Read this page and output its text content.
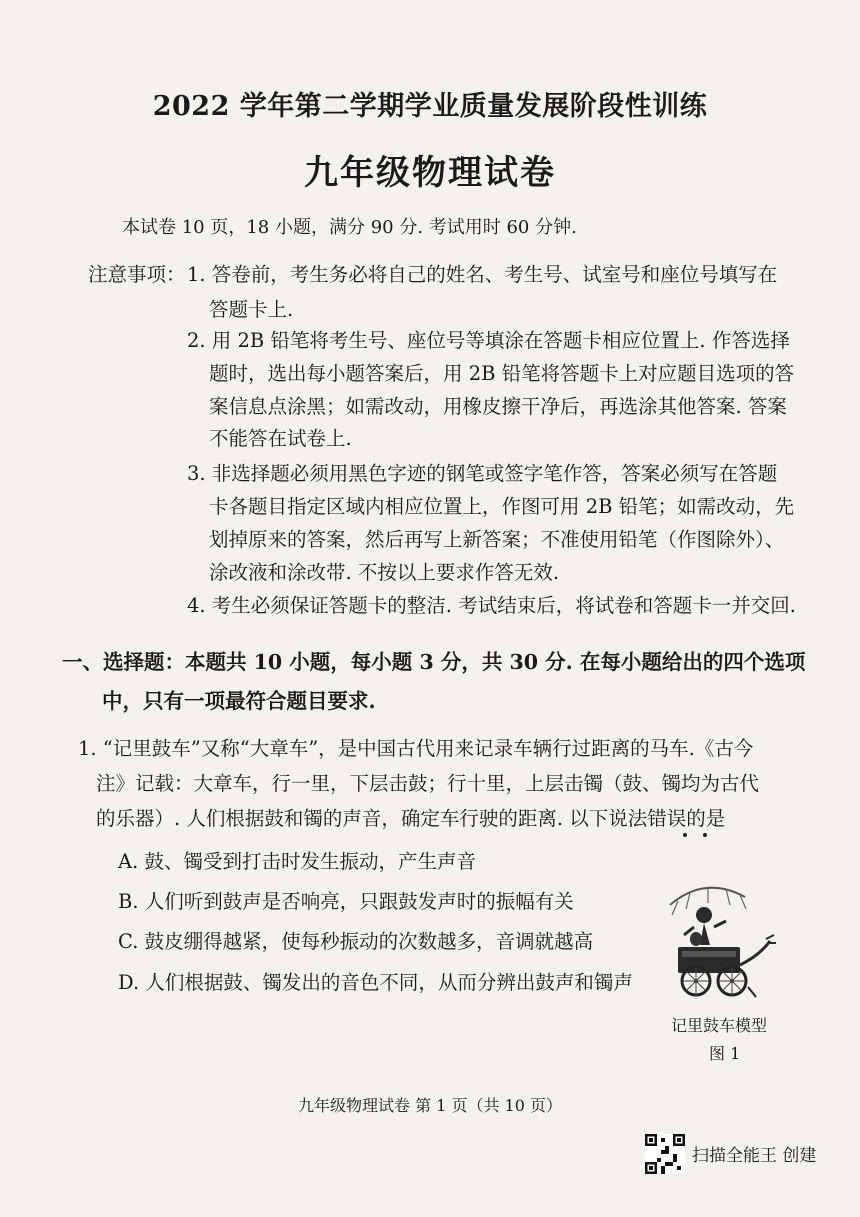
2022 学年第二学期学业质量发展阶段性训练
九年级物理试卷
本试卷 10 页，18 小题，满分 90 分. 考试用时 60 分钟.
注意事项： 1. 答卷前，考生务必将自己的姓名、考生号、试室号和座位号填写在
答题卡上.
2. 用 2B 铅笔将考生号、座位号等填涂在答题卡相应位置上. 作答选择
题时，选出每小题答案后，用 2B 铅笔将答题卡上对应题目选项的答
案信息点涂黑；如需改动，用橡皮擦干净后，再选涂其他答案. 答案
不能答在试卷上.
3. 非选择题必须用黑色字迹的钢笔或签字笔作答，答案必须写在答题
卡各题目指定区域内相应位置上，作图可用 2B 铅笔；如需改动，先
划掉原来的答案，然后再写上新答案；不准使用铅笔（作图除外）、
涂改液和涂改带. 不按以上要求作答无效.
4. 考生必须保证答题卡的整洁. 考试结束后，将试卷和答题卡一并交回.
一、选择题：本题共 10 小题，每小题 3 分，共 30 分. 在每小题给出的四个选项
中，只有一项最符合题目要求.
1. “记里鼓车”又称“大章车”，是中国古代用来记录车辆行过距离的马车.《古今
注》记载：大章车，行一里，下层击鼓；行十里，上层击镯（鼓、镯均为古代
的乐器）. 人们根据鼓和镯的声音，确定车行驶的距离. 以下说法错误的是
A. 鼓、镯受到打击时发生振动，产生声音
B. 人们听到鼓声是否响亮，只跟鼓发声时的振幅有关
C. 鼓皮绷得越紧，使每秒振动的次数越多，音调就越高
D. 人们根据鼓、镯发出的音色不同，从而分辨出鼓声和镯声
记里鼓车模型
图 1
九年级物理试卷 第 1 页（共 10 页）
扫描全能王 创建
